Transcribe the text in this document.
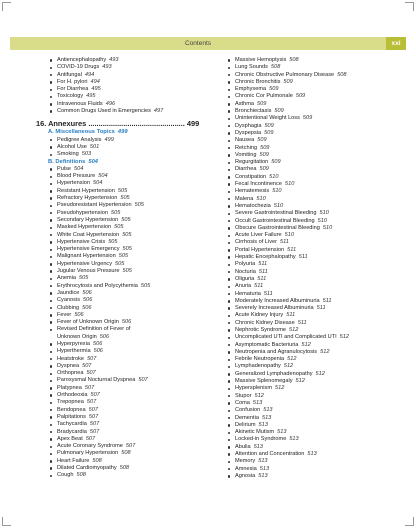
Contents	xxi
Antiencephalopathy 493
COVID-19 Drugs 493
Antifungal 494
For H. pylori 494
For Diarrhea 495
Toxicology 495
Intravenous Fluids 496
Common Drugs Used in Emergencies 497
16. Annexures ............................................... 499
A. Miscellaneous Topics 499
Pedigree Analysis 499
Alcohol Use 501
Smoking 503
B. Definitions 504
Pulse 504
Blood Pressure 504
Hypertension 504
Resistant Hypertension 505
Refractory Hypertension 505
Pseudoresistant Hypertension 505
Pseudohypertension 505
Secondary Hypertension 505
Masked Hypertension 505
White Coat Hypertension 505
Hypertensive Crisis 505
Hypertensive Emergency 505
Malignant Hypertension 505
Hypertensive Urgency 505
Jugular Venous Pressure 505
Anemia 505
Erythrocytosis and Polycythemia 505
Jaundice 506
Cyanosis 506
Clubbing 506
Fever 506
Fever of Unknown Origin 506
Revised Definition of Fever of
Unknown Origin 506
Hyperpyrexia 506
Hyperthermia 506
Heatstroke 507
Dyspnea 507
Orthopnea 507
Paroxysmal Nocturnal Dyspnea 507
Platypnea 507
Orthodeoxia 507
Trepopnea 507
Bendopnea 507
Palpitations 507
Tachycardia 507
Bradycardia 507
Apex Beat 507
Acute Coronary Syndrome 507
Pulmonary Hypertension 508
Heart Failure 508
Dilated Cardiomyopathy 508
Cough 508
Massive Hemoptysis 508
Lung Sounds 508
Chronic Obstructive Pulmonary Disease 508
Chronic Bronchitis 509
Emphysema 509
Chronic Cor Pulmonale 509
Asthma 509
Bronchiectasis 509
Unintentional Weight Loss 509
Dysphagia 509
Dyspepsia 509
Nausea 509
Retching 509
Vomiting 509
Regurgitation 509
Diarrhea 509
Constipation 510
Fecal Incontinence 510
Hematemesis 510
Malena 510
Hematochezia 510
Severe Gastrointestinal Bleeding 510
Occult Gastrointestinal Bleeding 510
Obscure Gastrointestinal Bleeding 510
Acute Liver Failure 510
Cirrhosis of Liver 511
Portal Hypertension 511
Hepatic Encephalopathy 511
Polyuria 511
Nocturia 511
Oliguria 511
Anuria 511
Hematuria 511
Moderately Increased Albuminuria 511
Severely Increased Albuminuria 511
Acute Kidney Injury 511
Chronic Kidney Disease 511
Nephrotic Syndrome 512
Uncomplicated UTI and Complicated UTI 512
Asymptomatic Bacteriuria 512
Neutropenia and Agranulocytosis 512
Febrile Neutropenia 512
Lymphadenopathy 512
Generalized Lymphadenopathy 512
Massive Splenomegaly 512
Hypersplenism 512
Stupor 512
Coma 513
Confusion 513
Dementia 513
Delirium 513
Akinetic Mutism 513
Locked-in Syndrome 513
Abulia 513
Attention and Concentration 513
Memory 513
Amnesia 513
Agnosia 513
